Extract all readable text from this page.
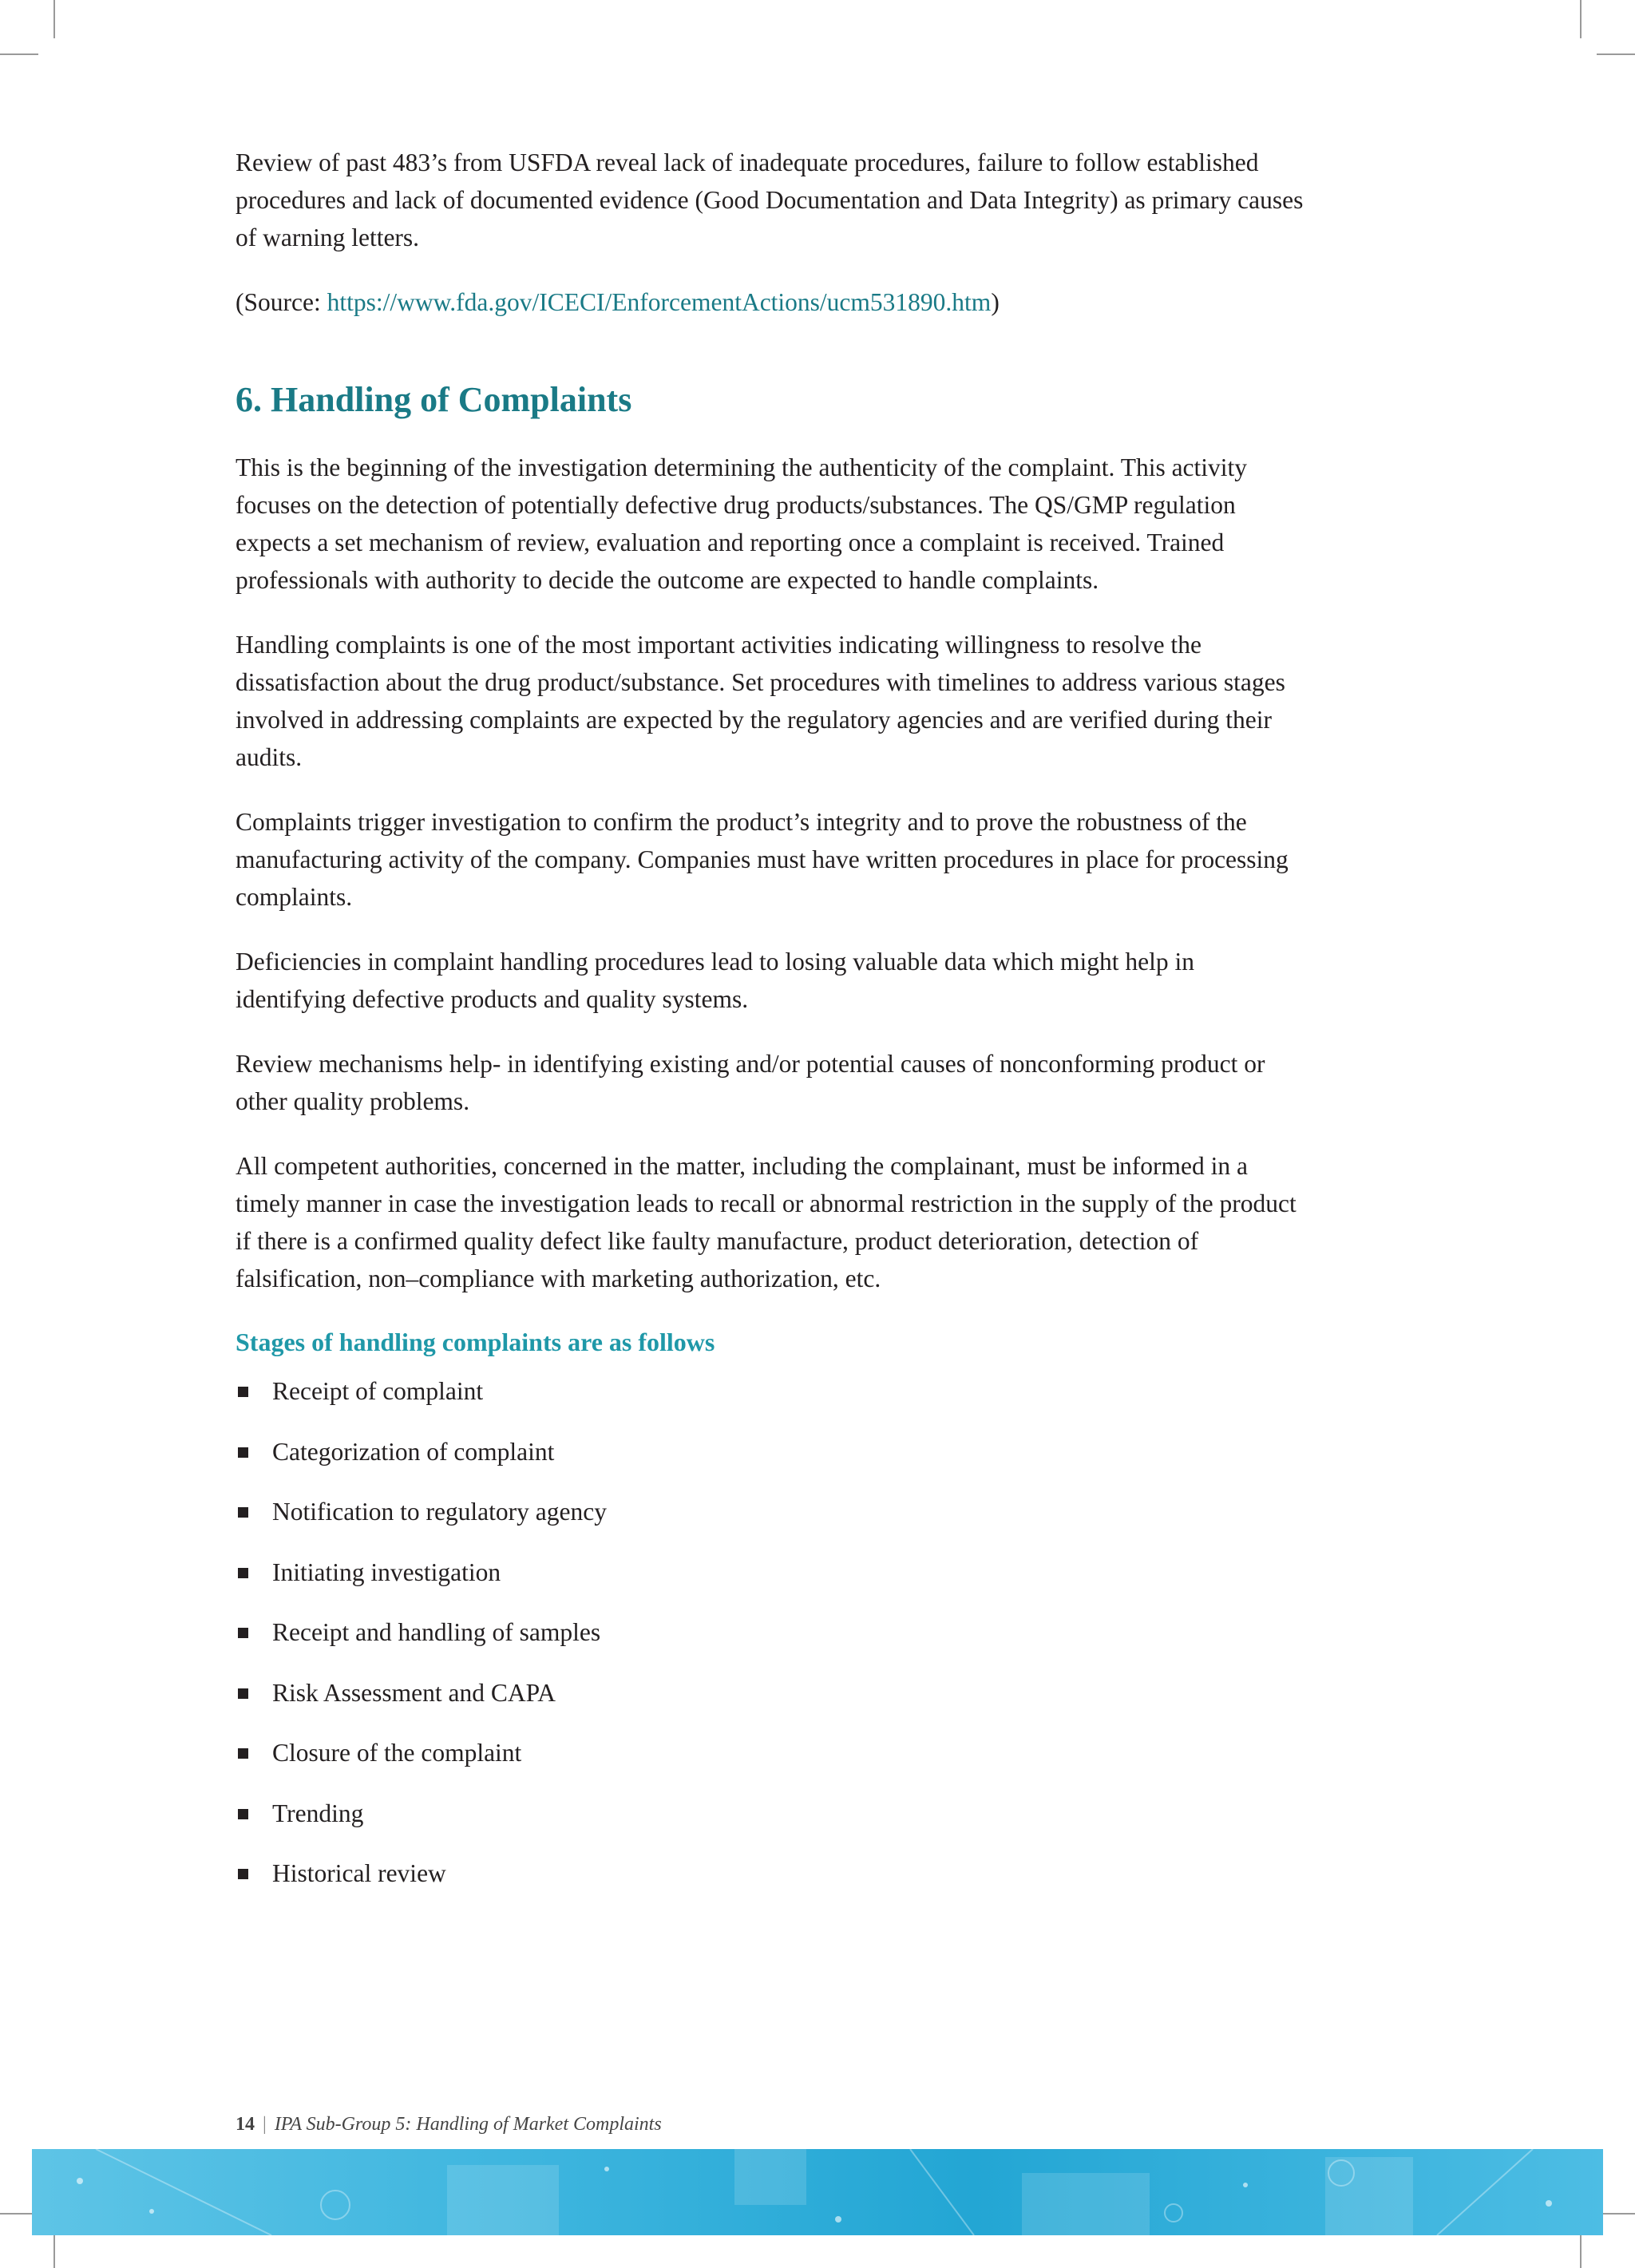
Review of past 483’s from USFDA reveal lack of inadequate procedures, failure to follow established procedures and lack of documented evidence (Good Documentation and Data Integrity) as primary causes of warning letters.

(Source: https://www.fda.gov/ICECI/EnforcementActions/ucm531890.htm)

6. Handling of Complaints

This is the beginning of the investigation determining the authenticity of the complaint. This activity focuses on the detection of potentially defective drug products/substances. The QS/GMP regulation expects a set mechanism of review, evaluation and reporting once a complaint is received. Trained professionals with authority to decide the outcome are expected to handle complaints.

Handling complaints is one of the most important activities indicating willingness to resolve the dissatisfaction about the drug product/substance. Set procedures with timelines to address various stages involved in addressing complaints are expected by the regulatory agencies and are verified during their audits.

Complaints trigger investigation to confirm the product’s integrity and to prove the robustness of the manufacturing activity of the company. Companies must have written procedures in place for processing complaints.

Deficiencies in complaint handling procedures lead to losing valuable data which might help in identifying defective products and quality systems.

Review mechanisms help- in identifying existing and/or potential causes of nonconforming product or other quality problems.

All competent authorities, concerned in the matter, including the complainant, must be informed in a timely manner in case the investigation leads to recall or abnormal restriction in the supply of the product if there is a confirmed quality defect like faulty manufacture, product deterioration, detection of falsification, non–compliance with marketing authorization, etc.

Stages of handling complaints are as follows
Receipt of complaint
Categorization of complaint
Notification to regulatory agency
Initiating investigation
Receipt and handling of samples
Risk Assessment and CAPA
Closure of the complaint
Trending
Historical review
14 | IPA Sub-Group 5: Handling of Market Complaints
